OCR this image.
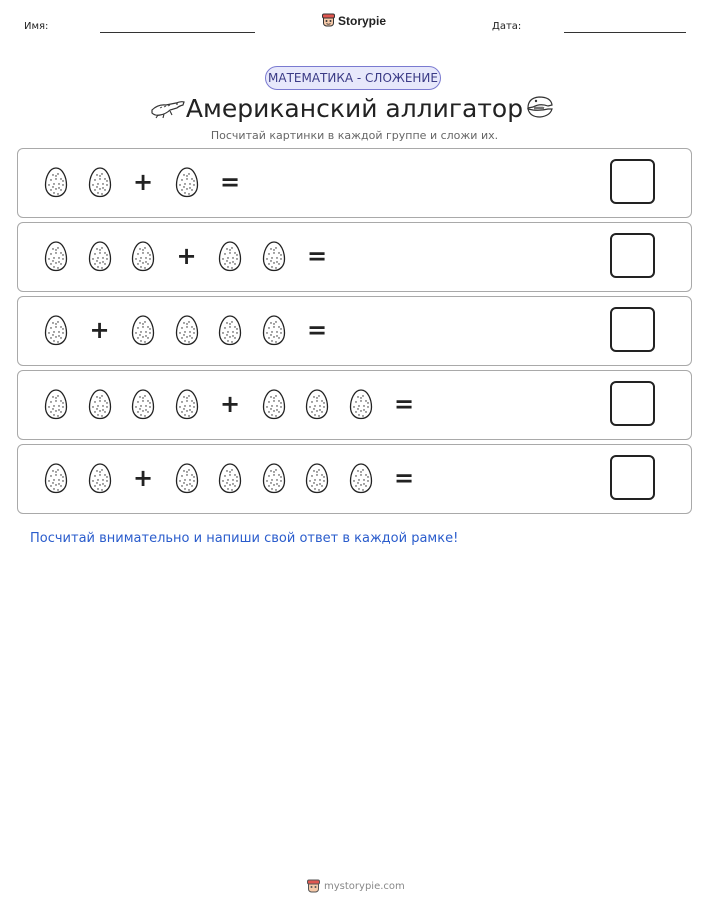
Имя:	Storypie	Дата:
МАТЕМАТИКА - СЛОЖЕНИЕ
Американский аллигатор
Посчитай картинки в каждой группе и сложи их.
+	=
+	=
+	=
+	=
+	=
Посчитай внимательно и напиши свой ответ в каждой рамке!
mystorypie.com
